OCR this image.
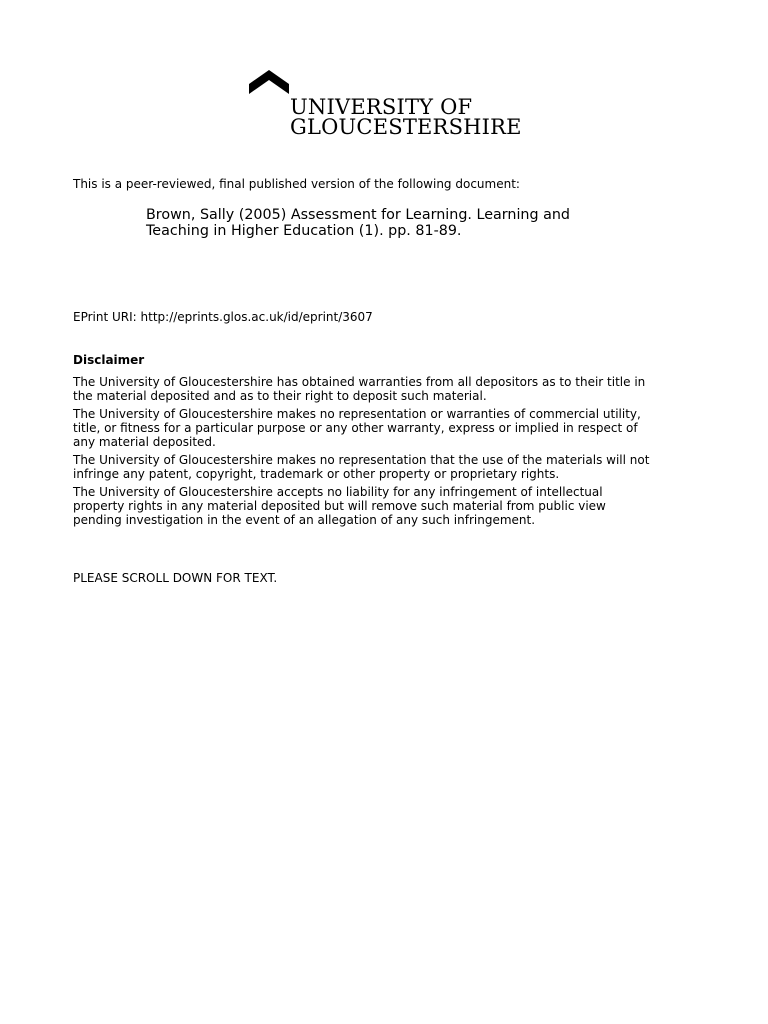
UNIVERSITY OF
GLOUCESTERSHIRE
This is a peer-reviewed, final published version of the following document:
Brown, Sally (2005) Assessment for Learning. Learning and
Teaching in Higher Education (1). pp. 81-89.
EPrint URI: http://eprints.glos.ac.uk/id/eprint/3607
Disclaimer
The University of Gloucestershire has obtained warranties from all depositors as to their title in
the material deposited and as to their right to deposit such material.
The University of Gloucestershire makes no representation or warranties of commercial utility,
title, or fitness for a particular purpose or any other warranty, express or implied in respect of
any material deposited.
The University of Gloucestershire makes no representation that the use of the materials will not
infringe any patent, copyright, trademark or other property or proprietary rights.
The University of Gloucestershire accepts no liability for any infringement of intellectual
property rights in any material deposited but will remove such material from public view
pending investigation in the event of an allegation of any such infringement.
PLEASE SCROLL DOWN FOR TEXT.
